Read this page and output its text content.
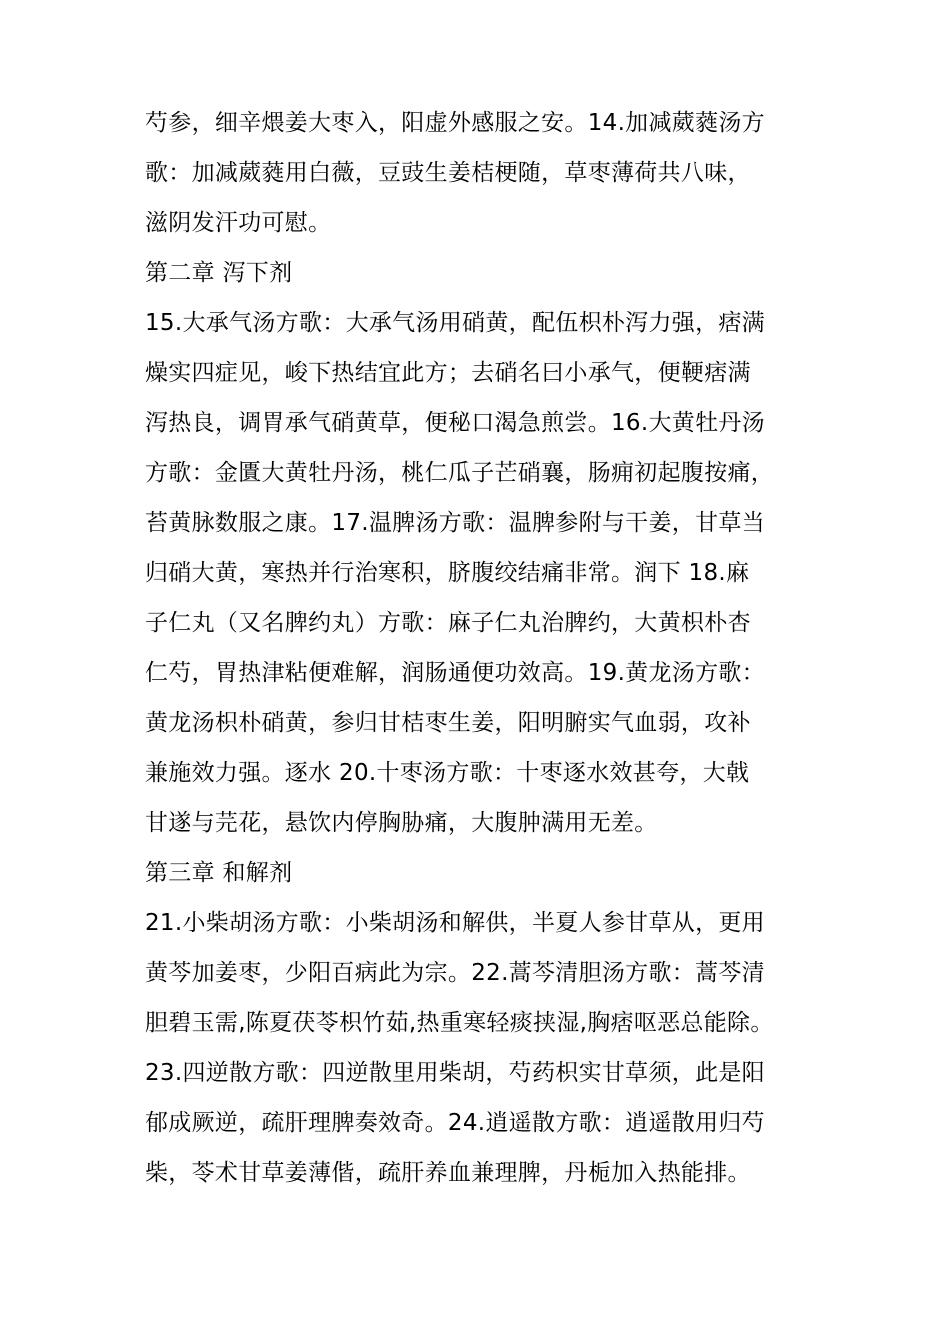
芍参，细辛煨姜大枣入，阳虚外感服之安。14.加减葳蕤汤方
歌：加减葳蕤用白薇，豆豉生姜桔梗随，草枣薄荷共八味，
滋阴发汗功可慰。
第二章 泻下剂
15.大承气汤方歌：大承气汤用硝黄，配伍枳朴泻力强，痞满
燥实四症见，峻下热结宜此方；去硝名曰小承气，便鞕痞满
泻热良，调胃承气硝黄草，便秘口渴急煎尝。16.大黄牡丹汤
方歌：金匱大黄牡丹汤，桃仁瓜子芒硝襄，肠痈初起腹按痛，
苔黄脉数服之康。17.温脾汤方歌：温脾参附与干姜，甘草当
归硝大黄，寒热并行治寒积，脐腹绞结痛非常。润下 18.麻
子仁丸（又名脾约丸）方歌：麻子仁丸治脾约，大黄枳朴杏
仁芍，胃热津粘便难解，润肠通便功效高。19.黄龙汤方歌：
黄龙汤枳朴硝黄，参归甘桔枣生姜，阳明腑实气血弱，攻补
兼施效力强。逐水 20.十枣汤方歌：十枣逐水效甚夸，大戟
甘遂与芫花，悬饮内停胸胁痛，大腹肿满用无差。
第三章 和解剂
21.小柴胡汤方歌：小柴胡汤和解供，半夏人参甘草从，更用
黄芩加姜枣，少阳百病此为宗。22.蒿芩清胆汤方歌：蒿芩清
胆碧玉需,陈夏茯苓枳竹茹,热重寒轻痰挟湿,胸痞呕恶总能除。
23.四逆散方歌：四逆散里用柴胡，芍药枳实甘草须，此是阳
郁成厥逆，疏肝理脾奏效奇。24.逍遥散方歌：逍遥散用归芍
柴，苓术甘草姜薄偕，疏肝养血兼理脾，丹栀加入热能排。
